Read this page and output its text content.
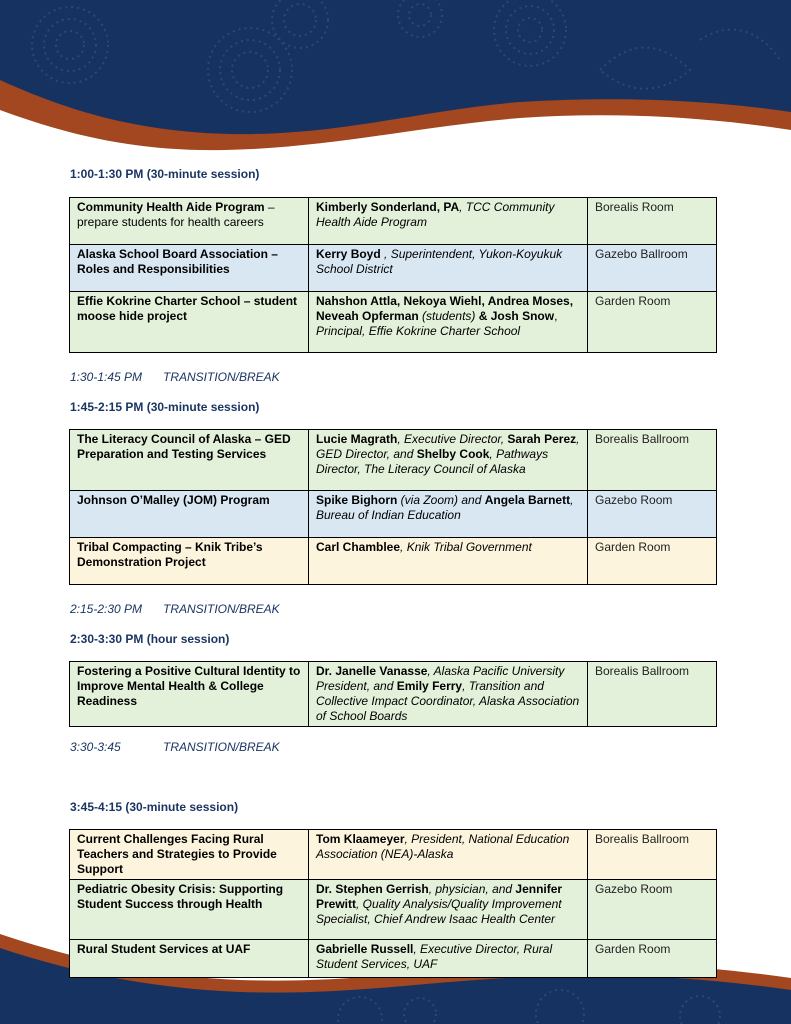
1:00-1:30 PM (30-minute session)
Community Health Aide Program – prepare students for health careers	Kimberly Sonderland, PA, TCC Community Health Aide Program	Borealis Room
Alaska School Board Association – Roles and Responsibilities	Kerry Boyd , Superintendent, Yukon-Koyukuk School District	Gazebo Ballroom
Effie Kokrine Charter School – student moose hide project	Nahshon Attla, Nekoya Wiehl, Andrea Moses,
Neveah Opferman (students) & Josh Snow,
Principal, Effie Kokrine Charter School	Garden Room
1:30-1:45 PM TRANSITION/BREAK
1:45-2:15 PM (30-minute session)
The Literacy Council of Alaska – GED Preparation and Testing Services	Lucie Magrath, Executive Director, Sarah Perez, GED Director, and Shelby Cook, Pathways Director, The Literacy Council of Alaska	Borealis Ballroom
Johnson O’Malley (JOM) Program	Spike Bighorn (via Zoom) and Angela Barnett, Bureau of Indian Education	Gazebo Room
Tribal Compacting – Knik Tribe’s Demonstration Project	Carl Chamblee, Knik Tribal Government	Garden Room
2:15-2:30 PM TRANSITION/BREAK
2:30-3:30 PM (hour session)
Fostering a Positive Cultural Identity to Improve Mental Health & College Readiness	Dr. Janelle Vanasse, Alaska Pacific University President, and Emily Ferry, Transition and Collective Impact Coordinator, Alaska Association of School Boards	Borealis Ballroom
3:30-3:45	TRANSITION/BREAK
3:45-4:15 (30-minute session)
Current Challenges Facing Rural Teachers and Strategies to Provide Support	Tom Klaameyer, President, National Education Association (NEA)-Alaska	Borealis Ballroom
Pediatric Obesity Crisis: Supporting Student Success through Health	Dr. Stephen Gerrish, physician, and Jennifer Prewitt, Quality Analysis/Quality Improvement Specialist, Chief Andrew Isaac Health Center	Gazebo Room
Rural Student Services at UAF	Gabrielle Russell, Executive Director, Rural Student Services, UAF	Garden Room
